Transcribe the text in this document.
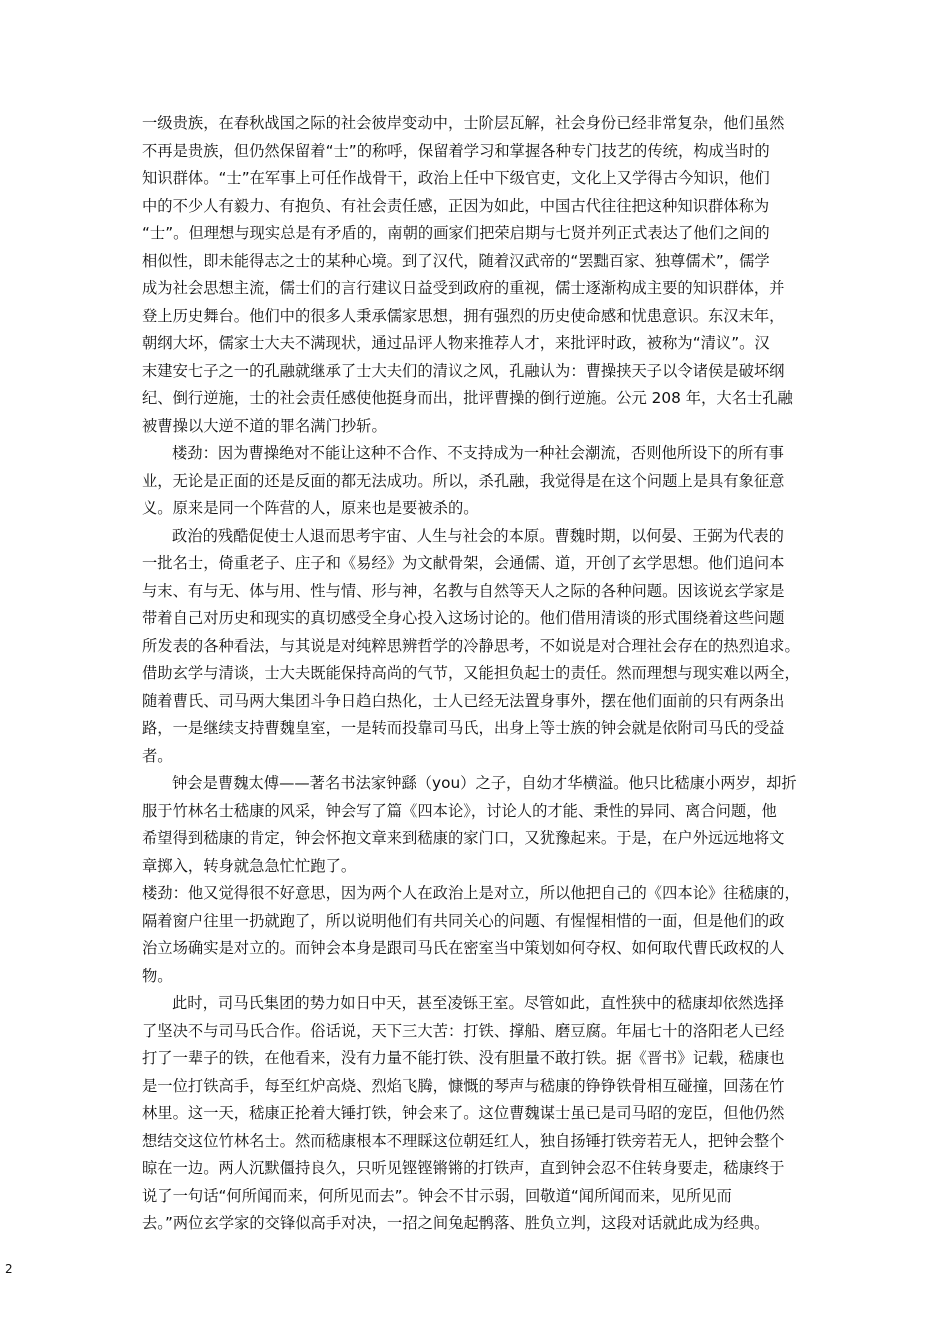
一级贵族，在春秋战国之际的社会彼岸变动中，士阶层瓦解，社会身份已经非常复杂，他们虽然
不再是贵族，但仍然保留着“士”的称呼，保留着学习和掌握各种专门技艺的传统，构成当时的
知识群体。“士”在军事上可任作战骨干，政治上任中下级官吏，文化上又学得古今知识，他们
中的不少人有毅力、有抱负、有社会责任感，正因为如此，中国古代往往把这种知识群体称为
“士”。但理想与现实总是有矛盾的，南朝的画家们把荣启期与七贤并列正式表达了他们之间的
相似性，即未能得志之士的某种心境。到了汉代，随着汉武帝的“罢黜百家、独尊儒术”，儒学
成为社会思想主流，儒士们的言行建议日益受到政府的重视，儒士逐渐构成主要的知识群体，并
登上历史舞台。他们中的很多人秉承儒家思想，拥有强烈的历史使命感和忧患意识。东汉末年，
朝纲大坏，儒家士大夫不满现状，通过品评人物来推荐人才，来批评时政，被称为“清议”。汉
末建安七子之一的孔融就继承了士大夫们的清议之风，孔融认为：曹操挟天子以令诸侯是破坏纲
纪、倒行逆施，士的社会责任感使他挺身而出，批评曹操的倒行逆施。公元 208 年，大名士孔融
被曹操以大逆不道的罪名满门抄斩。
楼劲：因为曹操绝对不能让这种不合作、不支持成为一种社会潮流，否则他所设下的所有事
业，无论是正面的还是反面的都无法成功。所以，杀孔融，我觉得是在这个问题上是具有象征意
义。原来是同一个阵营的人，原来也是要被杀的。
政治的残酷促使士人退而思考宇宙、人生与社会的本原。曹魏时期，以何晏、王弼为代表的
一批名士，倚重老子、庄子和《易经》为文献骨架，会通儒、道，开创了玄学思想。他们追问本
与末、有与无、体与用、性与情、形与神，名教与自然等天人之际的各种问题。因该说玄学家是
带着自己对历史和现实的真切感受全身心投入这场讨论的。他们借用清谈的形式围绕着这些问题
所发表的各种看法，与其说是对纯粹思辨哲学的冷静思考，不如说是对合理社会存在的热烈追求。
借助玄学与清谈，士大夫既能保持高尚的气节，又能担负起士的责任。然而理想与现实难以两全，
随着曹氏、司马两大集团斗争日趋白热化，士人已经无法置身事外，摆在他们面前的只有两条出
路，一是继续支持曹魏皇室，一是转而投靠司马氏，出身上等士族的钟会就是依附司马氏的受益
者。
钟会是曹魏太傅——著名书法家钟繇（you）之子，自幼才华横溢。他只比嵇康小两岁，却折
服于竹林名士嵇康的风采，钟会写了篇《四本论》，讨论人的才能、秉性的异同、离合问题，他
希望得到嵇康的肯定，钟会怀抱文章来到嵇康的家门口，又犹豫起来。于是，在户外远远地将文
章掷入，转身就急急忙忙跑了。
楼劲：他又觉得很不好意思，因为两个人在政治上是对立，所以他把自己的《四本论》往嵇康的，
隔着窗户往里一扔就跑了，所以说明他们有共同关心的问题、有惺惺相惜的一面，但是他们的政
治立场确实是对立的。而钟会本身是跟司马氏在密室当中策划如何夺权、如何取代曹氏政权的人
物。
此时，司马氏集团的势力如日中天，甚至凌铄王室。尽管如此，直性狭中的嵇康却依然选择
了坚决不与司马氏合作。俗话说，天下三大苦：打铁、撑船、磨豆腐。年届七十的洛阳老人已经
打了一辈子的铁，在他看来，没有力量不能打铁、没有胆量不敢打铁。据《晋书》记载，嵇康也
是一位打铁高手，每至红炉高烧、烈焰飞腾，慷慨的琴声与嵇康的铮铮铁骨相互碰撞，回荡在竹
林里。这一天，嵇康正抡着大锤打铁，钟会来了。这位曹魏谋士虽已是司马昭的宠臣，但他仍然
想结交这位竹林名士。然而嵇康根本不理睬这位朝廷红人，独自扬锤打铁旁若无人，把钟会整个
晾在一边。两人沉默僵持良久，只听见铿铿锵锵的打铁声，直到钟会忍不住转身要走，嵇康终于
说了一句话“何所闻而来，何所见而去”。钟会不甘示弱，回敬道“闻所闻而来，见所见而
去。”两位玄学家的交锋似高手对决，一招之间兔起鹘落、胜负立判，这段对话就此成为经典。
2
